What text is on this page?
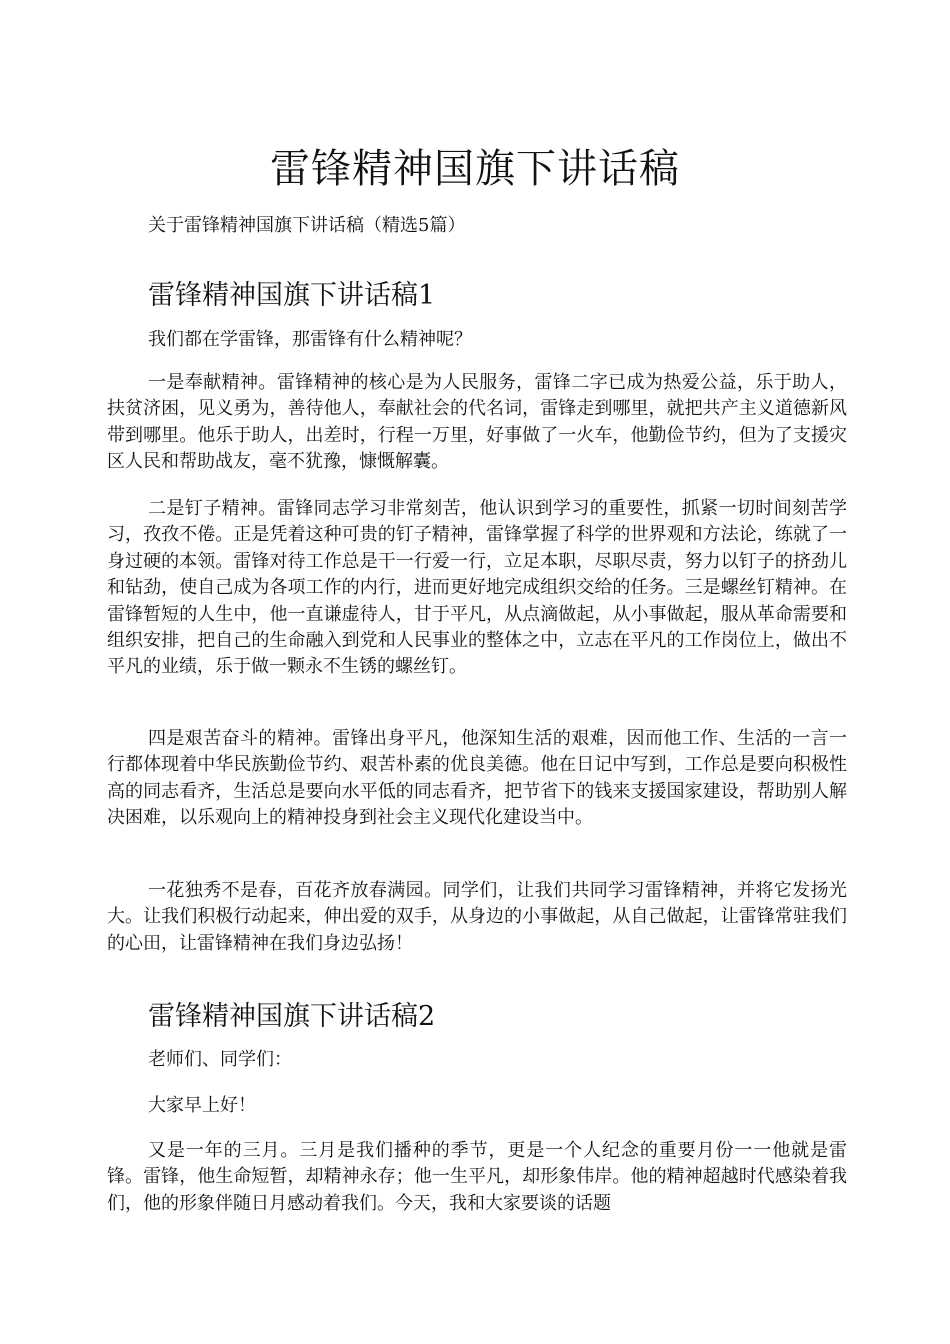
雷锋精神国旗下讲话稿
关于雷锋精神国旗下讲话稿（精选5篇）
雷锋精神国旗下讲话稿1
我们都在学雷锋，那雷锋有什么精神呢？

一是奉献精神。雷锋精神的核心是为人民服务，雷锋二字已成为热爱公益，乐于助人，扶贫济困，见义勇为，善待他人，奉献社会的代名词，雷锋走到哪里，就把共产主义道德新风带到哪里。他乐于助人，出差时，行程一万里，好事做了一火车，他勤俭节约，但为了支援灾区人民和帮助战友，毫不犹豫，慷慨解囊。

二是钉子精神。雷锋同志学习非常刻苦，他认识到学习的重要性，抓紧一切时间刻苦学习，孜孜不倦。正是凭着这种可贵的钉子精神，雷锋掌握了科学的世界观和方法论，练就了一身过硬的本领。雷锋对待工作总是干一行爱一行，立足本职，尽职尽责，努力以钉子的挤劲儿和钻劲，使自己成为各项工作的内行，进而更好地完成组织交给的任务。三是螺丝钉精神。在雷锋暂短的人生中，他一直谦虚待人，甘于平凡，从点滴做起，从小事做起，服从革命需要和组织安排，把自己的生命融入到党和人民事业的整体之中，立志在平凡的工作岗位上，做出不平凡的业绩，乐于做一颗永不生锈的螺丝钉。

四是艰苦奋斗的精神。雷锋出身平凡，他深知生活的艰难，因而他工作、生活的一言一行都体现着中华民族勤俭节约、艰苦朴素的优良美德。他在日记中写到，工作总是要向积极性高的同志看齐，生活总是要向水平低的同志看齐，把节省下的钱来支援国家建设，帮助别人解决困难，以乐观向上的精神投身到社会主义现代化建设当中。

一花独秀不是春，百花齐放春满园。同学们，让我们共同学习雷锋精神，并将它发扬光大。让我们积极行动起来，伸出爱的双手，从身边的小事做起，从自己做起，让雷锋常驻我们的心田，让雷锋精神在我们身边弘扬！

雷锋精神国旗下讲话稿2
老师们、同学们：
大家早上好！

又是一年的三月。三月是我们播种的季节，更是一个人纪念的重要月份一一他就是雷锋。雷锋，他生命短暂，却精神永存；他一生平凡，却形象伟岸。他的精神超越时代感染着我们，他的形象伴随日月感动着我们。今天，我和大家要谈的话题
